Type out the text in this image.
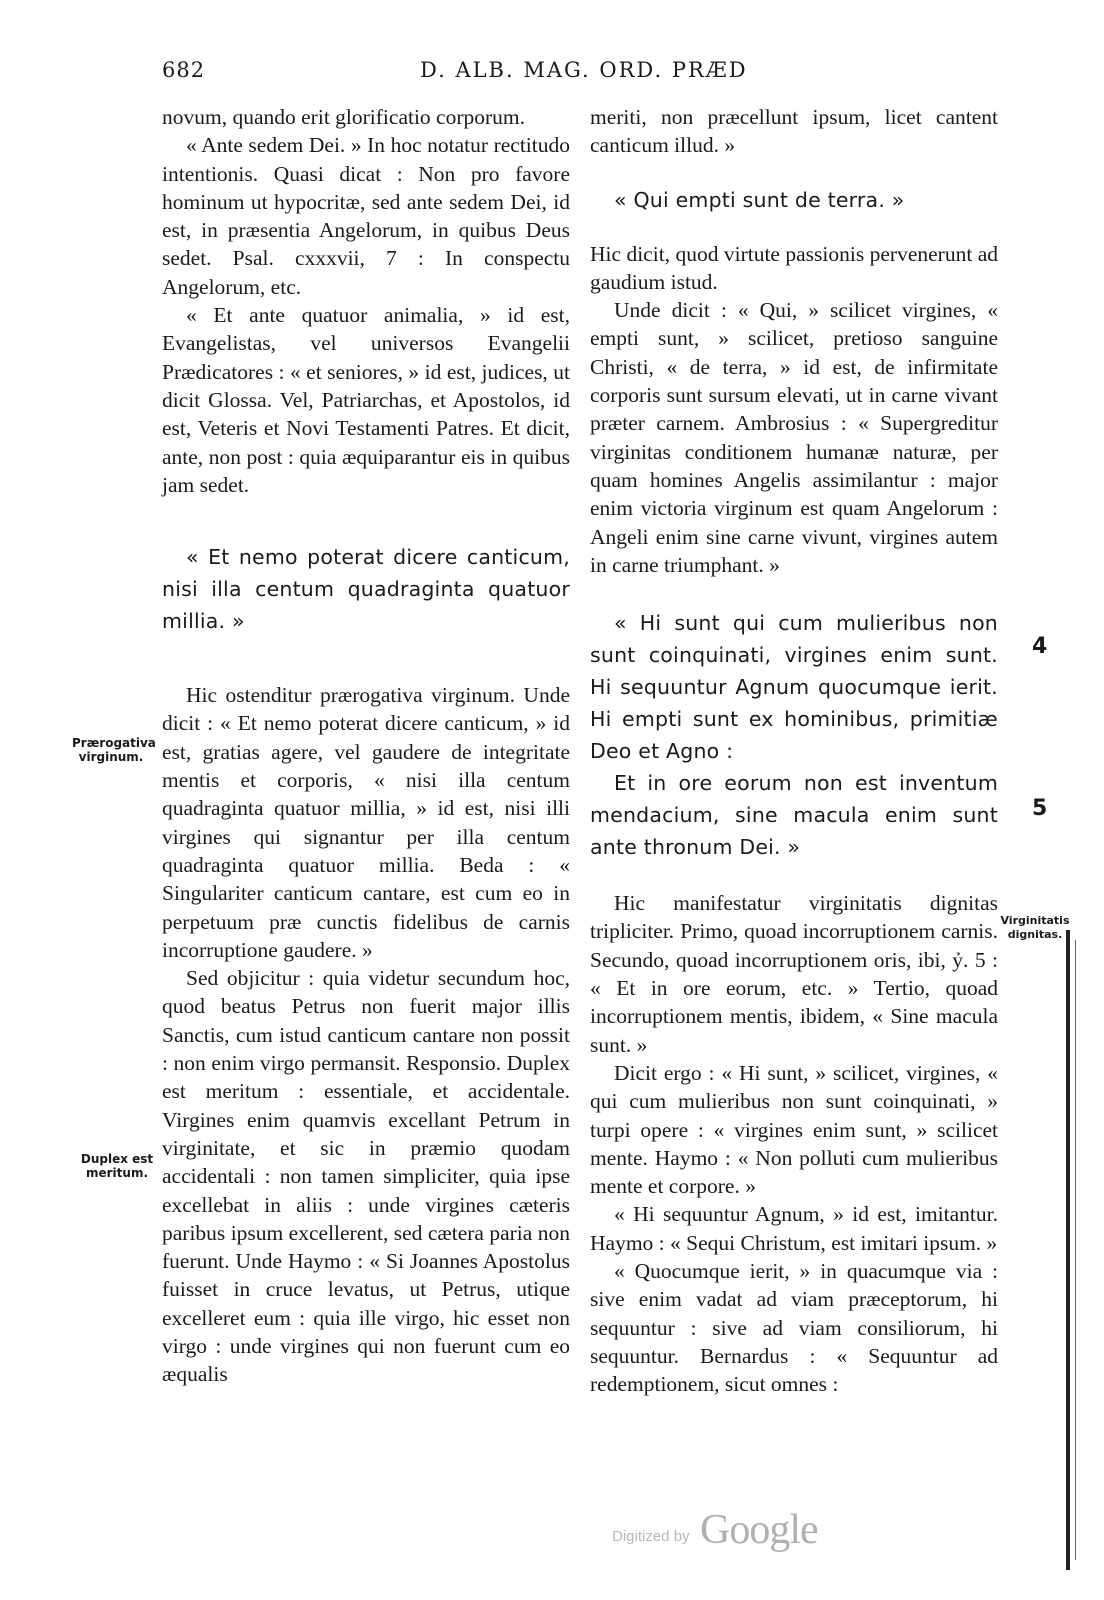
682	D. ALB. MAG. ORD. PRÆD

novum, quando erit glorificatio corporum.

« Ante sedem Dei. » In hoc notatur rectitudo intentionis. Quasi dicat : Non pro favore hominum ut hypocritæ, sed ante sedem Dei, id est, in præsentia Angelorum, in quibus Deus sedet. Psal. cxxxvii, 7 : In conspectu Angelorum, etc.

« Et ante quatuor animalia, » id est, Evangelistas, vel universos Evangelii Prædicatores : « et seniores, » id est, judices, ut dicit Glossa. Vel, Patriarchas, et Apostolos, id est, Veteris et Novi Testamenti Patres. Et dicit, ante, non post : quia æquiparantur eis in quibus jam sedet.

« Et nemo poterat dicere canticum, nisi illa centum quadraginta quatuor millia. »

Hic ostenditur prærogativa virginum. Unde dicit : « Et nemo poterat dicere canticum, » id est, gratias agere, vel gaudere de integritate mentis et corporis, « nisi illa centum quadraginta quatuor millia, » id est, nisi illi virgines qui signantur per illa centum quadraginta quatuor millia. Beda : « Singulariter canticum cantare, est cum eo in perpetuum præ cunctis fidelibus de carnis incorruptione gaudere. »

Sed objicitur : quia videtur secundum hoc, quod beatus Petrus non fuerit major illis Sanctis, cum istud canticum cantare non possit : non enim virgo permansit. Responsio. Duplex est meritum : essentiale, et accidentale. Virgines enim quamvis excellant Petrum in virginitate, et sic in præmio quodam accidentali : non tamen simpliciter, quia ipse excellebat in aliis : unde virgines cæteris paribus ipsum excellerent, sed cætera paria non fuerunt. Unde Haymo : « Si Joannes Apostolus fuisset in cruce levatus, ut Petrus, utique excelleret eum : quia ille virgo, hic esset non virgo : unde virgines qui non fuerunt cum eo æqualis

meriti, non præcellunt ipsum, licet cantent canticum illud. »

« Qui empti sunt de terra. »

Hic dicit, quod virtute passionis pervenerunt ad gaudium istud.

Unde dicit : « Qui, » scilicet virgines, « empti sunt, » scilicet, pretioso sanguine Christi, « de terra, » id est, de infirmitate corporis sunt sursum elevati, ut in carne vivant præter carnem. Ambrosius : « Supergreditur virginitas conditionem humanæ naturæ, per quam homines Angelis assimilantur : major enim victoria virginum est quam Angelorum : Angeli enim sine carne vivunt, virgines autem in carne triumphant. »

« Hi sunt qui cum mulieribus non sunt coinquinati, virgines enim sunt. Hi sequuntur Agnum quocumque ierit. Hi empti sunt ex hominibus, primitiæ Deo et Agno :

Et in ore eorum non est inventum mendacium, sine macula enim sunt ante thronum Dei. »

Hic manifestatur virginitatis dignitas tripliciter. Primo, quoad incorruptionem carnis. Secundo, quoad incorruptionem oris, ibi, ỷ. 5 : « Et in ore eorum, etc. » Tertio, quoad incorruptionem mentis, ibidem, « Sine macula sunt. »

Dicit ergo : « Hi sunt, » scilicet, virgines, « qui cum mulieribus non sunt coinquinati, » turpi opere : « virgines enim sunt, » scilicet mente. Haymo : « Non polluti cum mulieribus mente et corpore. »

« Hi sequuntur Agnum, » id est, imitantur. Haymo : « Sequi Christum, est imitari ipsum. »

« Quocumque ierit, » in quacumque via : sive enim vadat ad viam præceptorum, hi sequuntur : sive ad viam consiliorum, hi sequuntur. Bernardus : « Sequuntur ad redemptionem, sicut omnes :

Prærogativa virginum.
Duplex est meritum.
Virginitatis dignitas.
4
5
Digitized by Google
